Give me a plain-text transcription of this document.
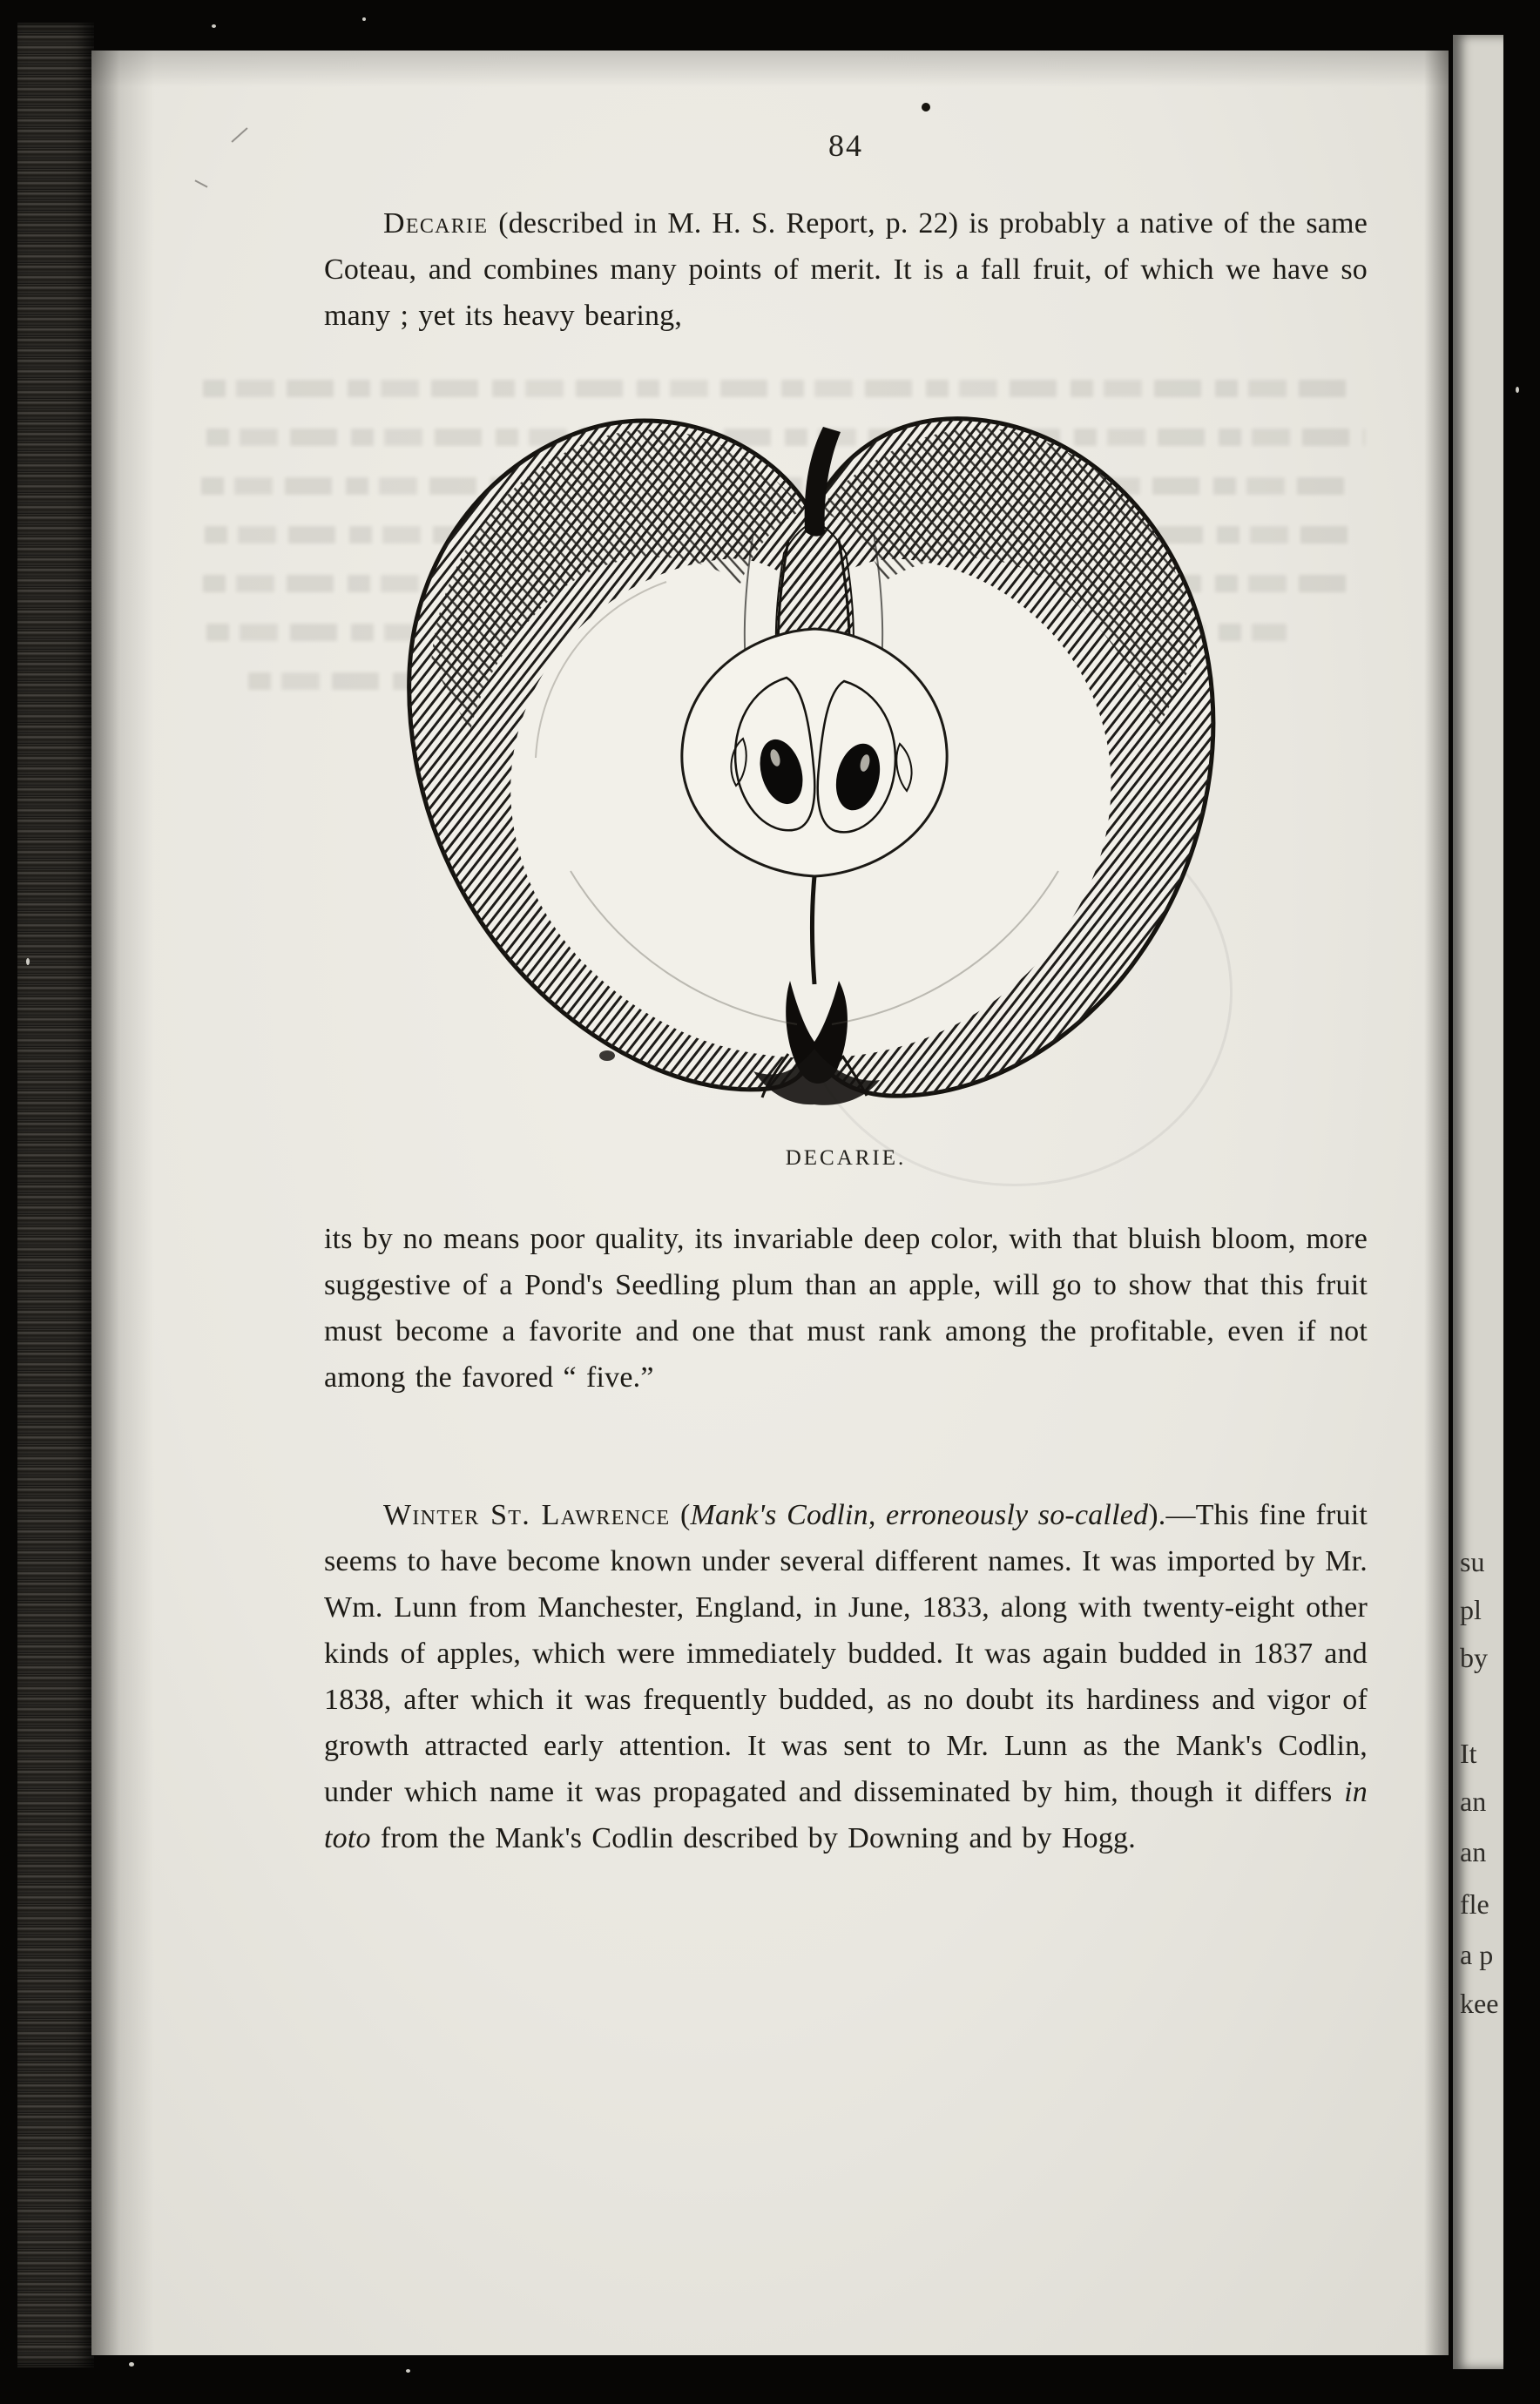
84

Decarie (described in M. H. S. Report, p. 22) is probably a native of the same Coteau, and combines many points of merit. It is a fall fruit, of which we have so many ; yet its heavy bearing,

DECARIE.

its by no means poor quality, its invariable deep color, with that bluish bloom, more suggestive of a Pond's Seedling plum than an apple, will go to show that this fruit must become a favorite and one that must rank among the profitable, even if not among the favored “ five.”

Winter St. Lawrence (Mank's Codlin, erroneously so-called).—This fine fruit seems to have become known under several different names. It was imported by Mr. Wm. Lunn from Manchester, England, in June, 1833, along with twenty-eight other kinds of apples, which were immediately budded. It was again budded in 1837 and 1838, after which it was frequently budded, as no doubt its hardiness and vigor of growth attracted early attention. It was sent to Mr. Lunn as the Mank's Codlin, under which name it was propagated and disseminated by him, though it differs in toto from the Mank's Codlin described by Downing and by Hogg.

su
pl
by
It
an
an
fle
a p
kee
